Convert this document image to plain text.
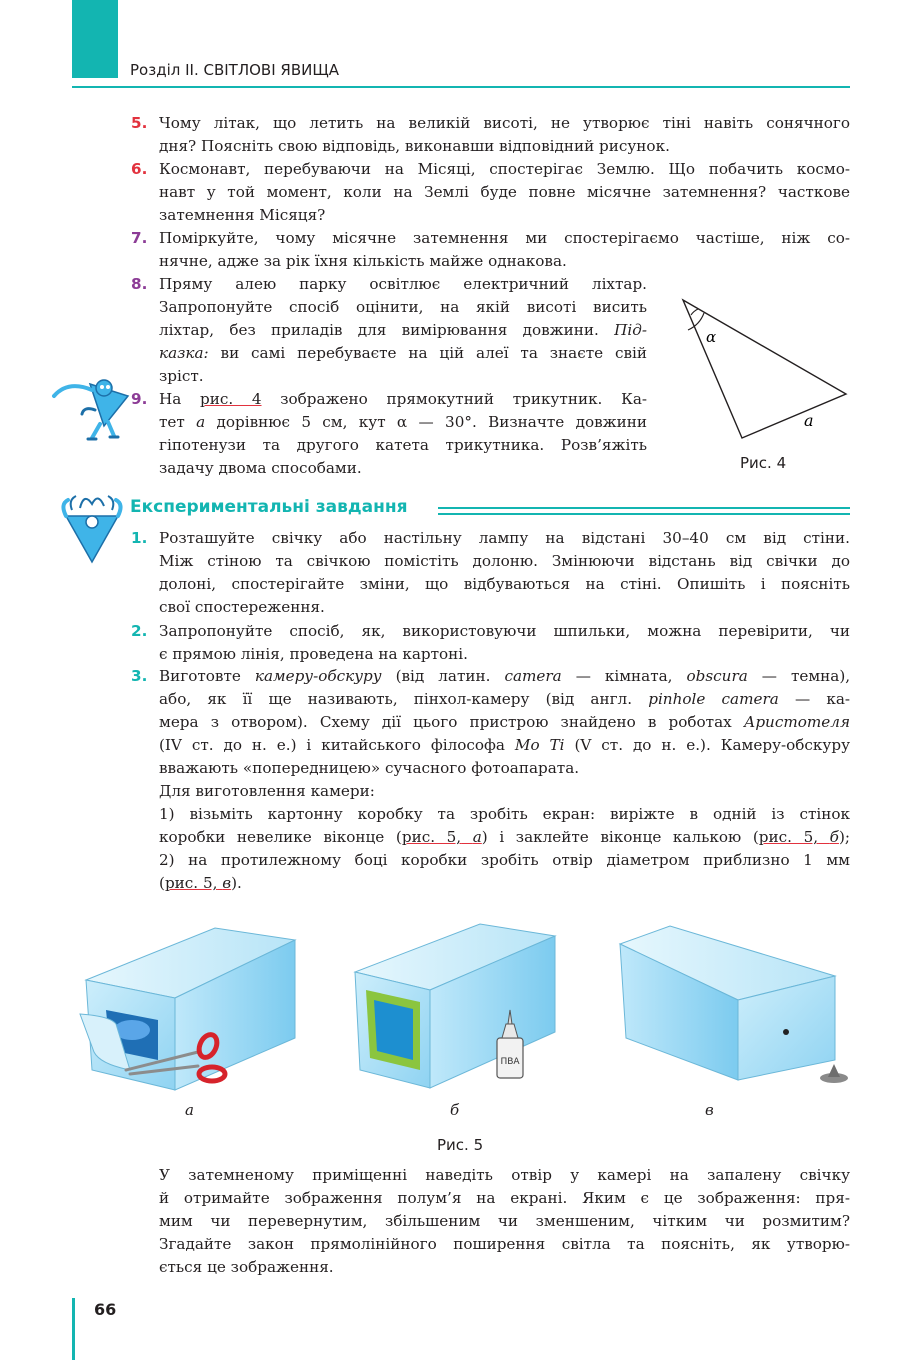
Розділ ІІ. СВІТЛОВІ ЯВИЩА
5. Чому літак, що летить на великій висоті, не утворює тіні навіть сонячного
дня? Поясніть свою відповідь, виконавши відповідний рисунок.
6. Космонавт, перебуваючи на Місяці, спостерігає Землю. Що побачить космо-
навт у той момент, коли на Землі буде повне місячне затемнення? часткове
затемнення Місяця?
7. Поміркуйте, чому місячне затемнення ми спостерігаємо частіше, ніж со-
нячне, адже за рік їхня кількість майже однакова.
8. Пряму алею парку освітлює електричний ліхтар.
Запропонуйте спосіб оцінити, на якій висоті висить
ліхтар, без приладів для вимірювання довжини. Під-
казка: ви самі перебуваєте на цій алеї та знаєте свій
зріст.
9. На рис. 4 зображено прямокутний трикутник. Ка-
тет a дорівнює 5 см, кут α — 30°. Визначте довжини
гіпотенузи та другого катета трикутника. Розв’яжіть
задачу двома способами.
α
a
Рис. 4
Експериментальні завдання
1. Розташуйте свічку або настільну лампу на відстані 30–40 см від стіни.
Між стіною та свічкою помістіть долоню. Змінюючи відстань від свічки до
долоні, спостерігайте зміни, що відбуваються на стіні. Опишіть і поясніть
свої спостереження.
2. Запропонуйте спосіб, як, використовуючи шпильки, можна перевірити, чи
є прямою лінія, проведена на картоні.
3. Виготовте камеру-обскуру (від латин. camera — кімната, obscura — темна),
або, як її ще називають, пінхол-камеру (від англ. pinhole camera — ка-
мера з отвором). Схему дії цього пристрою знайдено в роботах Аристотеля
(IV ст. до н. е.) і китайського філософа Мо Ті (V ст. до н. е.). Камеру-обскуру
вважають «попередницею» сучасного фотоапарата.
Для виготовлення камери:
1) візьміть картонну коробку та зробіть екран: виріжте в одній із стінок
коробки невелике віконце (рис. 5, а) і заклейте віконце калькою (рис. 5, б);
2) на протилежному боці коробки зробіть отвір діаметром приблизно 1 мм
(рис. 5, в).
ПВА
а	б	в
Рис. 5
У затемненому приміщенні наведіть отвір у камері на запалену свічку
й отримайте зображення полум’я на екрані. Яким є це зображення: пря-
мим чи перевернутим, збільшеним чи зменшеним, чітким чи розмитим?
Згадайте закон прямолінійного поширення світла та поясніть, як утворю-
ється це зображення.
66
